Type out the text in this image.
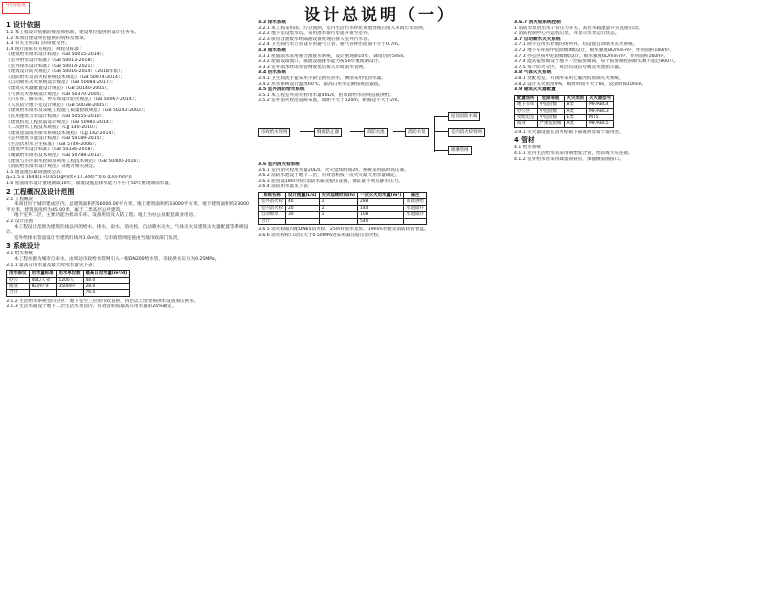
中国建筑	设计总说明（一）
1 设计依据
1.1 本工程设计依据的规范和标准、建设单位提供的设计任务书。
1.2 本项目建设单位提供的资料及要求。
1.3 有关主管部门的审批文件。
1.4 现行国家有关规范、规程及标准：
《建筑给水排水设计标准》（GB 50015-2019）；
《室外给水设计标准》（GB 50013-2018）；
《室外排水设计标准》（GB 50014-2021）；
《建筑设计防火规范》（GB 50016-2014）（2018年版）；
《消防给水及消火栓系统技术规范》（GB 50974-2014）；
《自动喷水灭火系统设计规范》（GB 50084-2017）；
《建筑灭火器配置设计规范》（GB 50140-2005）；
《气体灭火系统设计规范》（GB 50370-2005）；
《汽车库、修车库、停车场设计防火规范》（GB 50067-2014）；
《人民防空地下室设计规范》（GB 50038-2005）；
《建筑给水排水及采暖工程施工质量验收规范》（GB 50242-2002）；
《民用建筑节水设计标准》（GB 50555-2010）；
《建筑机电工程抗震设计规范》（GB 50981-2014）；
《二次供水工程技术规程》（CJJ 140-2010）；
《建筑屋面雨水排水系统技术规程》（CJJ 142-2014）；
《公共建筑节能设计标准》（GB 50189-2015）；
《生活饮用水卫生标准》（GB 5749-2006）；
《建筑中水设计标准》（GB 50336-2018）；
《城镇给水排水技术规范》（GB 50788-2012）；
《建筑与小区雨水控制及利用工程技术规范》（GB 50400-2016）；
《消防给水排水设计规范》及地方相关规定。
1.5 建设地点暴雨强度公式：
q=1.5 x 1644(1+0.651lgP)/(t+17.344)^0.6 (L/(s·hm²))
1.6 屋面雨水设计重现期取10年，溢流设施总排水能力不小于50年重现期雨水量。
2 工程概况及设计范围
2.1 工程概况
本项目位于城市建成区内，总建筑面积约56000.00平方米，地上建筑面积约33000平方米，地下建筑面积约23000平方米。建筑高度约为45.00米，属于二类高层公共建筑。
地下室共二层，主要功能为机动车库、设备用房及人防工程；地上为办公及配套商业用房。
2.2 设计范围
本工程设计范围为建筑红线以内的给水、排水、雨水、消火栓、自动喷水灭火、气体灭火及建筑灭火器配置等系统设计。
室外给排水管道设计至建筑红线外1.0m处，与市政管网连接由当地市政部门负责。
3 系统设计
3.1 给水系统
本工程水源为城市自来水，由周边市政给水管网引入一根DN200给水管，市政供水压力为0.25MPa。
3.1.1 最高日用水量及最大时用水量见下表：
用水部位	用水量标准	用水单位数	最高日用水量(m³/d)
办公	40L/人·d	1200人	48.0
商业	8L/m²·d	3500m²	28.0
合计			76.0
3.1.2 生活给水系统竖向分区：地下室至三层由市政直供，四层以上由变频供水设备加压供水。
3.1.3 生活水箱设于地下二层生活水泵房内，有效容积按最高日用水量的25%确定。
3.2 排水系统
3.2.1 本工程采用雨、污分流制，室内生活污水经化粪池处理后排入市政污水管网。
3.2.2 地下室设集水坑，采用潜水排污泵提升排至室外。
3.2.3 厨房含油废水经隔油设备处理后排入室外污水管。
3.2.4 卫生间污水立管设专用通气立管，通气管伸出屋面不小于0.7m。
3.3 雨水系统
3.3.1 屋面雨水采用重力流排水系统，设计重现期10年，降雨历时5min。
3.3.2 屋面设溢流口，溢流设施排水能力按50年重现期设计。
3.3.3 室外雨水经雨水管网收集后排入市政雨水管网。
3.4 热水系统
3.4.1 卫生间洗手盆采用小厨宝供应热水，淋浴采用电热水器。
3.4.2 热水系统设计温度60℃，最高日用水定额按规范取值。
3.5 室外消防给水系统
3.5.1 本工程室外消火栓用水量40L/s，由市政给水管网直接供给。
3.5.2 室外消火栓沿道路布置，间距不大于120m，距路边不大于2m。
市政给水管网	倒流防止器	消防水池	消防水泵
屋顶消防水箱
室内消火栓管网
喷淋管网
3.6 室内消火栓系统
3.6.1 室内消火栓用水量20L/s，火灾延续时间2h，系统采用临时高压制。
3.6.2 消防水池设于地下二层，有效容积按一次火灾最大用水量确定。
3.6.3 屋顶设18m³高位消防水箱及稳压设备，保证最不利点静水压力。
3.6.4 消防用水量见下表：
系统名称	设计流量(L/s)	火灾延续时间(h)	一次灭火用水量(m³)	备注
室外消火栓	40	2	288	市政供给
室内消火栓	20	2	144	水池储存
自动喷水	30	1	108	水池储存
合计			540	
3.6.5 消火栓箱内配DN65消火栓、25m衬胶水龙带、19mm水枪及消防软管卷盘。
3.6.6 消火栓栓口动压大于0.50MPa处采用减压稳压消火栓。
3.6.7 消火栓系统控制
1 消防水泵由出水干管压力开关、高位水箱流量开关直接启动。
2 消防控制中心可远程启泵，并显示水泵运行状态。
3.7 自动喷水灭火系统
3.7.1 除不宜用水扑救的场所外，均设置自动喷水灭火系统。
3.7.2 地下车库按中危险级II级设计，喷水强度8L/min·m²，作用面积160m²。
3.7.3 办公区按中危险级I级设计，喷水强度6L/min·m²，作用面积160m²。
3.7.4 湿式报警阀设于地下一层报警阀间，每个报警阀控制喷头数不超过800只。
3.7.5 每个防火分区、每层均设信号阀及水流指示器。
3.8 气体灭火系统
3.8.1 变配电室、开闭所采用七氟丙烷预制灭火系统。
3.8.2 设计灭火浓度9%，喷放时间不大于8s，浸渍时间10min。
3.9 建筑灭火器配置
配置场所	危险等级	火灾类别	灭火器型号
地下车库	中危险级	B类	MF/ABC4
办公区	中危险级	A类	MF/ABC3
变配电室	中危险级	E类	MT5
商业	严重危险级	A类	MF/ABC5
3.9.1 灭火器设置在消火栓箱下部或明显易于取用处。
4 管材
4.1 给水系统
4.1.1 室内生活给水管采用钢塑复合管，丝扣或卡压连接。
4.1.2 室外给水管采用球墨铸铁管，承插橡胶圈接口。
